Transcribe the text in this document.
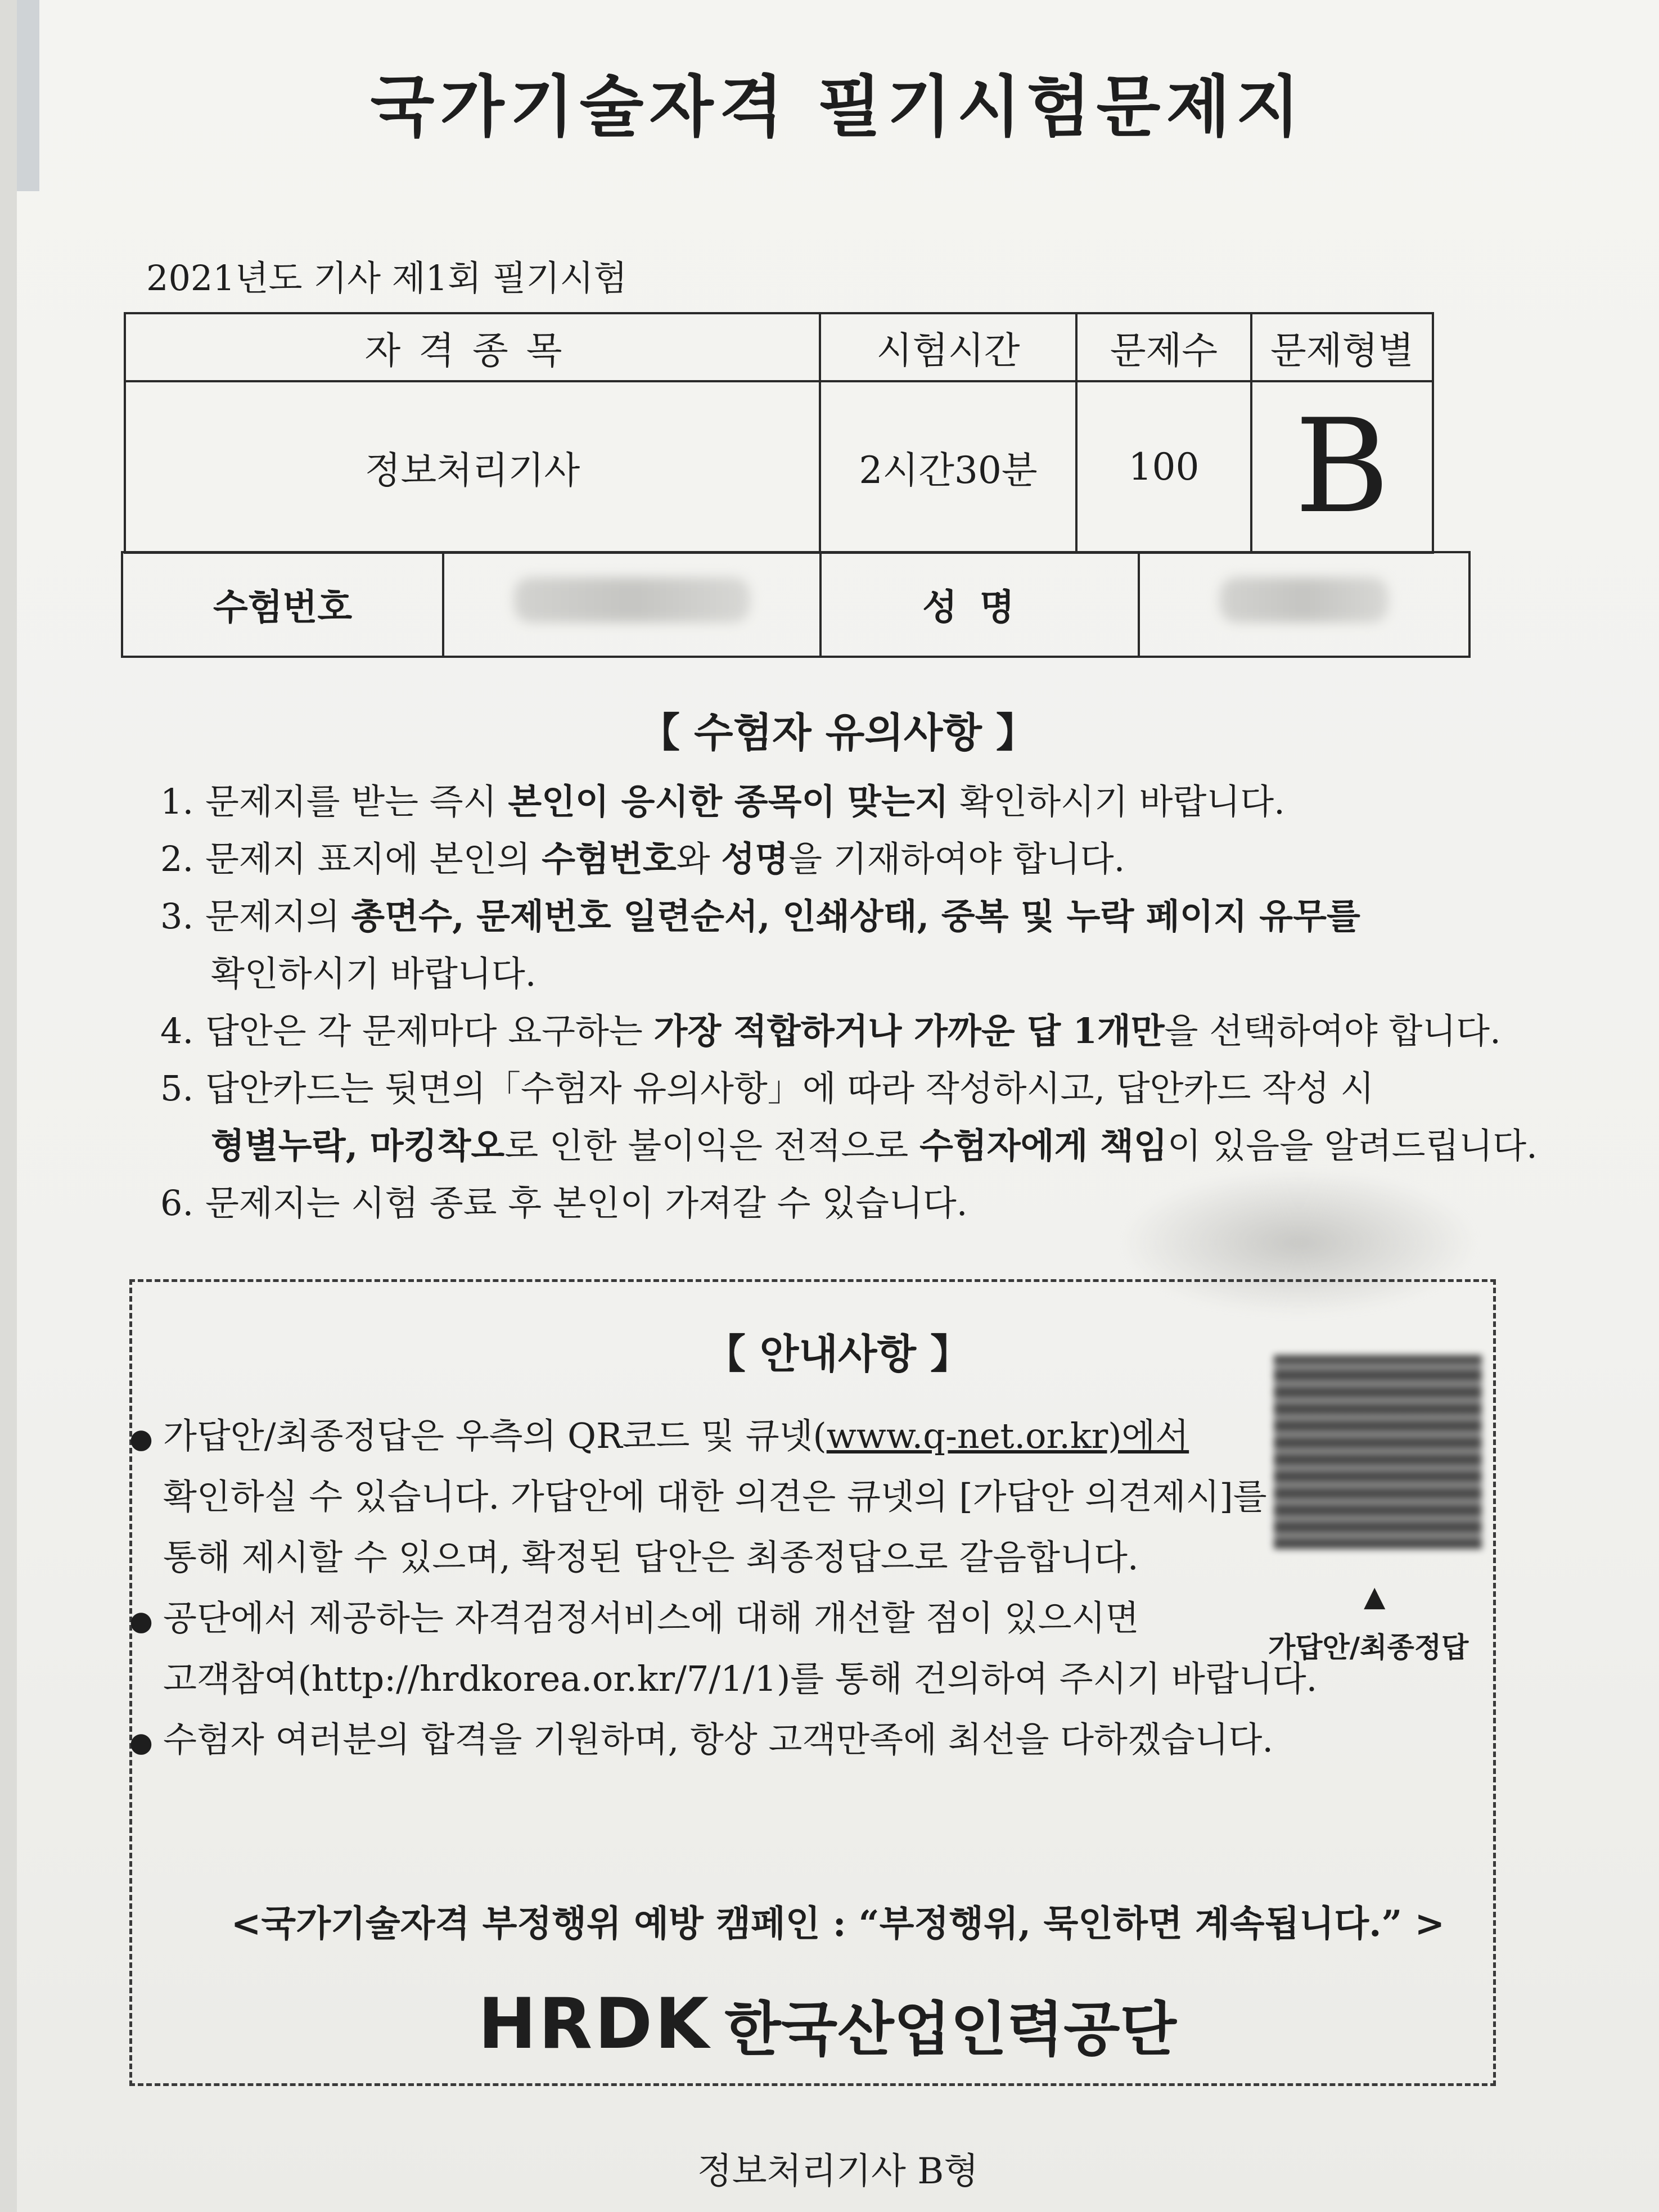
국가기술자격 필기시험문제지
2021년도 기사 제1회 필기시험
자격종목	시험시간	문제수	문제형별
정보처리기사	2시간30분	100	B
수험번호		성명	
【 수험자 유의사항 】
1. 문제지를 받는 즉시 본인이 응시한 종목이 맞는지 확인하시기 바랍니다.
2. 문제지 표지에 본인의 수험번호와 성명을 기재하여야 합니다.
3. 문제지의 총면수, 문제번호 일련순서, 인쇄상태, 중복 및 누락 페이지 유무를
확인하시기 바랍니다.
4. 답안은 각 문제마다 요구하는 가장 적합하거나 가까운 답 1개만을 선택하여야 합니다.
5. 답안카드는 뒷면의「수험자 유의사항」에 따라 작성하시고, 답안카드 작성 시
형별누락, 마킹착오로 인한 불이익은 전적으로 수험자에게 책임이 있음을 알려드립니다.
6. 문제지는 시험 종료 후 본인이 가져갈 수 있습니다.
【 안내사항 】
● 가답안/최종정답은 우측의 QR코드 및 큐넷(www.q-net.or.kr)에서
확인하실 수 있습니다. 가답안에 대한 의견은 큐넷의 [가답안 의견제시]를
통해 제시할 수 있으며, 확정된 답안은 최종정답으로 갈음합니다.
● 공단에서 제공하는 자격검정서비스에 대해 개선할 점이 있으시면
고객참여(http://hrdkorea.or.kr/7/1/1)를 통해 건의하여 주시기 바랍니다.
● 수험자 여러분의 합격을 기원하며, 항상 고객만족에 최선을 다하겠습니다.
▲
가답안/최종정답
<국가기술자격 부정행위 예방 캠페인 : “부정행위, 묵인하면 계속됩니다.” >
HRDK 한국산업인력공단
정보처리기사 B형
